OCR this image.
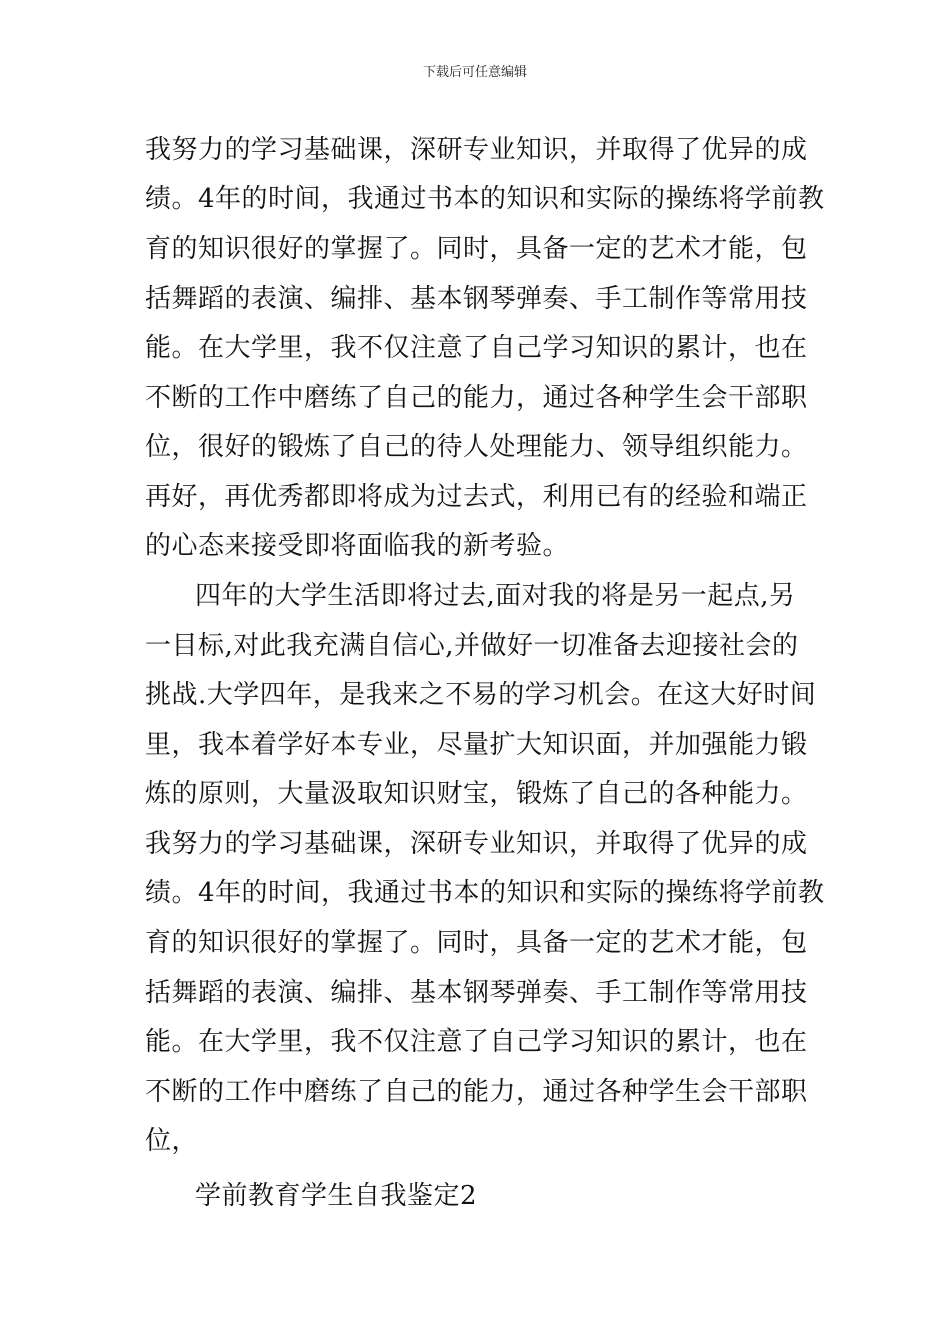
下载后可任意编辑
我努力的学习基础课，深研专业知识，并取得了优异的成
绩。4年的时间，我通过书本的知识和实际的操练将学前教
育的知识很好的掌握了。同时，具备一定的艺术才能，包
括舞蹈的表演、编排、基本钢琴弹奏、手工制作等常用技
能。在大学里，我不仅注意了自己学习知识的累计，也在
不断的工作中磨练了自己的能力，通过各种学生会干部职
位，很好的锻炼了自己的待人处理能力、领导组织能力。
再好，再优秀都即将成为过去式，利用已有的经验和端正
的心态来接受即将面临我的新考验。
四年的大学生活即将过去,面对我的将是另一起点,另
一目标,对此我充满自信心,并做好一切准备去迎接社会的
挑战.大学四年，是我来之不易的学习机会。在这大好时间
里，我本着学好本专业，尽量扩大知识面，并加强能力锻
炼的原则，大量汲取知识财宝，锻炼了自己的各种能力。
我努力的学习基础课，深研专业知识，并取得了优异的成
绩。4年的时间，我通过书本的知识和实际的操练将学前教
育的知识很好的掌握了。同时，具备一定的艺术才能，包
括舞蹈的表演、编排、基本钢琴弹奏、手工制作等常用技
能。在大学里，我不仅注意了自己学习知识的累计，也在
不断的工作中磨练了自己的能力，通过各种学生会干部职
位，
学前教育学生自我鉴定2
